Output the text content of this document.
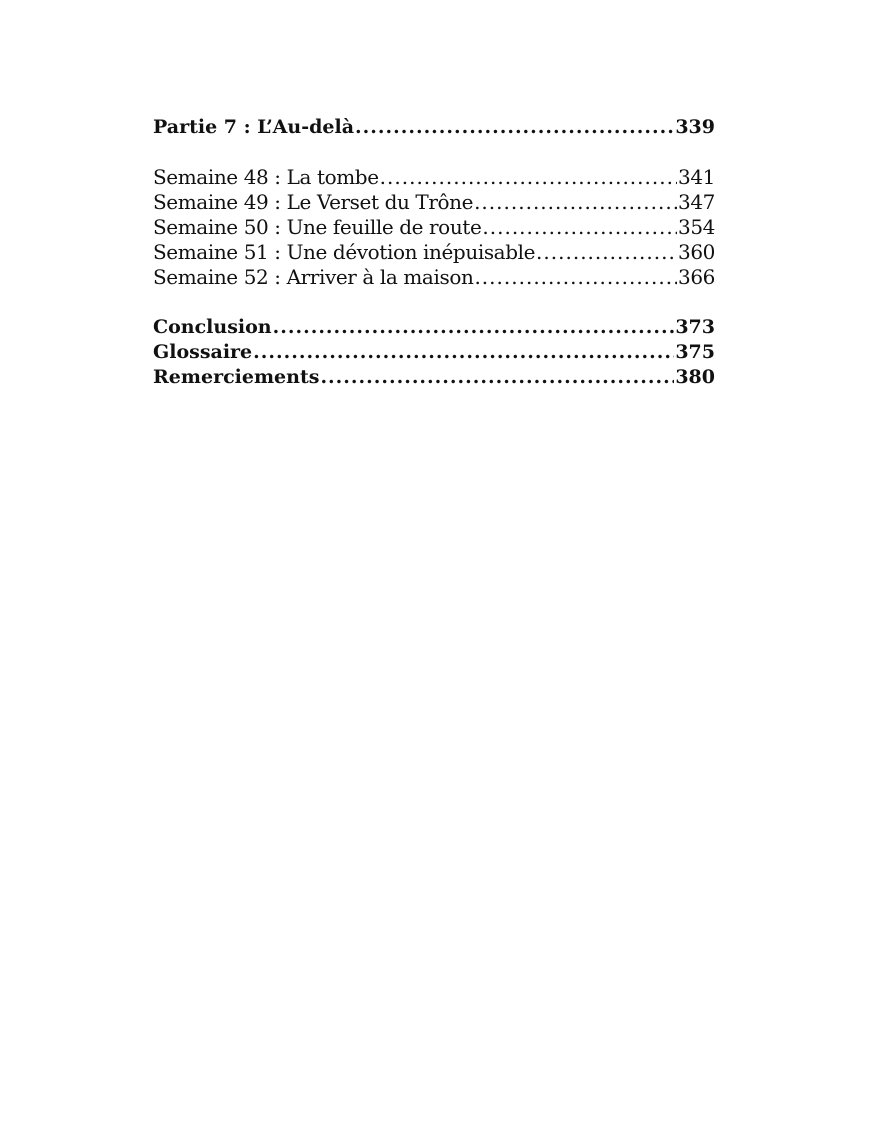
Partie 7 : L’Au-delà .....	339
Semaine 48 : La tombe .....	341
Semaine 49 : Le Verset du Trône .....	347
Semaine 50 : Une feuille de route .....	354
Semaine 51 : Une dévotion inépuisable .....	360
Semaine 52 : Arriver à la maison .....	366
Conclusion .....	373
Glossaire .....	375
Remerciements .....	380
